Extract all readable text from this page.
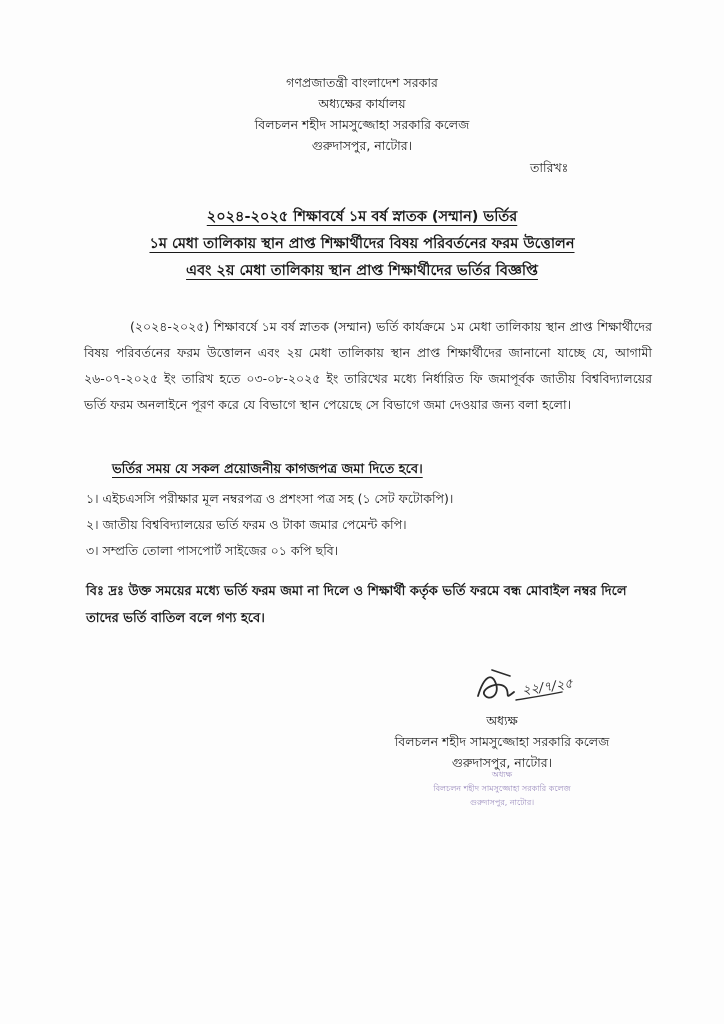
গণপ্রজাতন্ত্রী বাংলাদেশ সরকার
অধ্যক্ষের কার্যালয়
বিলচলন শহীদ সামসুজ্জোহা সরকারি কলেজ
গুরুদাসপুর, নাটোর।
তারিখঃ
২০২৪-২০২৫ শিক্ষাবর্ষে ১ম বর্ষ স্নাতক (সম্মান) ভর্তির
১ম মেধা তালিকায় স্থান প্রাপ্ত শিক্ষার্থীদের বিষয় পরিবর্তনের ফরম উত্তোলন
এবং ২য় মেধা তালিকায় স্থান প্রাপ্ত শিক্ষার্থীদের ভর্তির বিজ্ঞপ্তি
(২০২৪-২০২৫) শিক্ষাবর্ষে ১ম বর্ষ স্নাতক (সম্মান) ভর্তি কার্যক্রমে ১ম মেধা তালিকায় স্থান প্রাপ্ত শিক্ষার্থীদের বিষয় পরিবর্তনের ফরম উত্তোলন এবং ২য় মেধা তালিকায় স্থান প্রাপ্ত শিক্ষার্থীদের জানানো যাচ্ছে যে, আগামী ২৬-০৭-২০২৫ ইং তারিখ হতে ০৩-০৮-২০২৫ ইং তারিখের মধ্যে নির্ধারিত ফি জমাপূর্বক জাতীয় বিশ্ববিদ্যালয়ের ভর্তি ফরম অনলাইনে পূরণ করে যে বিভাগে স্থান পেয়েছে সে বিভাগে জমা দেওয়ার জন্য বলা হলো।
ভর্তির সময় যে সকল প্রয়োজনীয় কাগজপত্র জমা দিতে হবে।
১। এইচএসসি পরীক্ষার মূল নম্বরপত্র ও প্রশংসা পত্র সহ (১ সেট ফটোকপি)।
২। জাতীয় বিশ্ববিদ্যালয়ের ভর্তি ফরম ও টাকা জমার পেমেন্ট কপি।
৩। সম্প্রতি তোলা পাসপোর্ট সাইজের ০১ কপি ছবি।
বিঃ দ্রঃ উক্ত সময়ের মধ্যে ভর্তি ফরম জমা না দিলে ও শিক্ষার্থী কর্তৃক ভর্তি ফরমে বন্ধ মোবাইল নম্বর দিলে তাদের ভর্তি বাতিল বলে গণ্য হবে।
২২/৭/২৫
অধ্যক্ষ
বিলচলন শহীদ সামসুজ্জোহা সরকারি কলেজ
গুরুদাসপুর, নাটোর।
অধ্যক্ষ
বিলচলন শহীদ সামসুজ্জোহা সরকারি কলেজ
গুরুদাসপুর, নাটোর।
